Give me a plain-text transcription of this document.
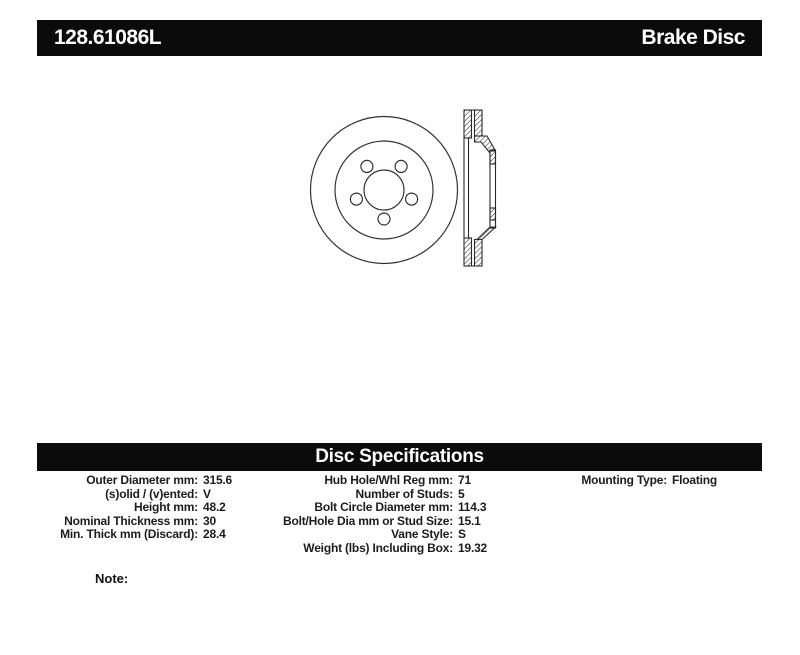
128.61086L	Brake Disc
Disc Specifications
Outer Diameter mm: 315.6
(s)olid / (v)ented: V
Height mm: 48.2
Nominal Thickness mm: 30
Min. Thick mm (Discard): 28.4
Hub Hole/Whl Reg mm: 71
Number of Studs: 5
Bolt Circle Diameter mm: 114.3
Bolt/Hole Dia mm or Stud Size: 15.1
Vane Style: S
Weight (lbs) Including Box: 19.32
Mounting Type: Floating
Note:
